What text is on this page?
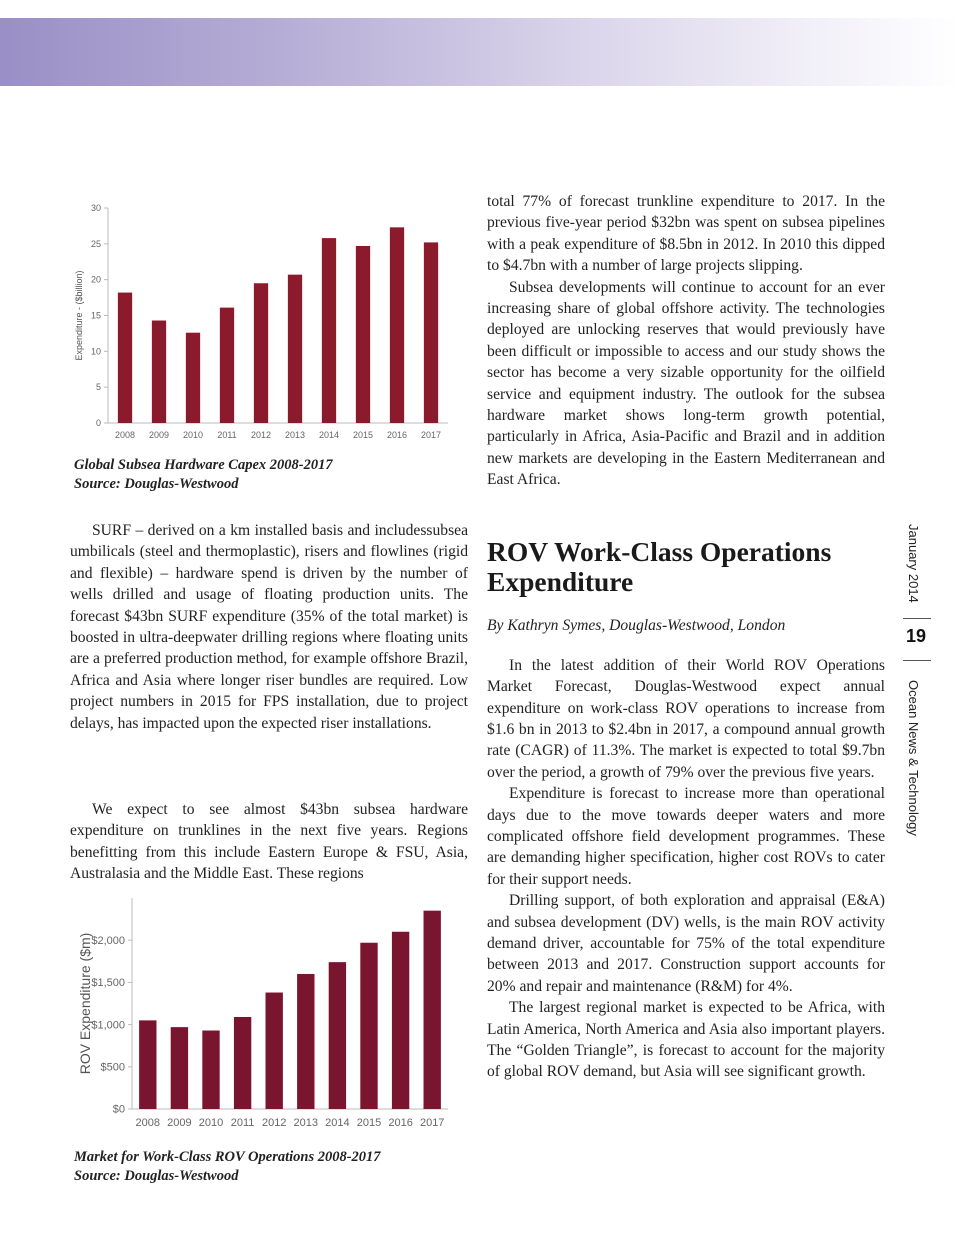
0
5
10
15
20
25
30
Expenditure - ($billion)
2008 2009 2010 2011 2012 2013 2014 2015 2016 2017
Global Subsea Hardware Capex 2008-2017
Source: Douglas-Westwood

SURF – derived on a km installed basis and includessubsea umbilicals (steel and thermoplastic), risers and flowlines (rigid and flexible) – hardware spend is driven by the number of wells drilled and usage of floating production units. The forecast $43bn SURF expenditure (35% of the total market) is boosted in ultra-deepwater drilling regions where floating units are a preferred production method, for example offshore Brazil, Africa and Asia where longer riser bundles are required. Low project numbers in 2015 for FPS installation, due to project delays, has impacted upon the expected riser installations.

We expect to see almost $43bn subsea hardware expenditure on trunklines in the next five years. Regions benefitting from this include Eastern Europe & FSU, Asia, Australasia and the Middle East. These regions

$0
$500
$1,000
$1,500
$2,000
ROV Expenditure ($m)
2008 2009 2010 2011 2012 2013 2014 2015 2016 2017
Market for Work-Class ROV Operations 2008-2017
Source: Douglas-Westwood

total 77% of forecast trunkline expenditure to 2017. In the previous five-year period $32bn was spent on subsea pipelines with a peak expenditure of $8.5bn in 2012. In 2010 this dipped to $4.7bn with a number of large projects slipping.

Subsea developments will continue to account for an ever increasing share of global offshore activity. The technologies deployed are unlocking reserves that would previously have been difficult or impossible to access and our study shows the sector has become a very sizable opportunity for the oilfield service and equipment industry. The outlook for the subsea hardware market shows long-term growth potential, particularly in Africa, Asia-Pacific and Brazil and in addition new markets are developing in the Eastern Mediterranean and East Africa.

ROV Work-Class Operations Expenditure
By Kathryn Symes, Douglas-Westwood, London

In the latest addition of their World ROV Operations Market Forecast, Douglas-Westwood expect annual expenditure on work-class ROV operations to increase from $1.6 bn in 2013 to $2.4bn in 2017, a compound annual growth rate (CAGR) of 11.3%. The market is expected to total $9.7bn over the period, a growth of 79% over the previous five years.

Expenditure is forecast to increase more than operational days due to the move towards deeper waters and more complicated offshore field development programmes. These are demanding higher specification, higher cost ROVs to cater for their support needs.

Drilling support, of both exploration and appraisal (E&A) and subsea development (DV) wells, is the main ROV activity demand driver, accountable for 75% of the total expenditure between 2013 and 2017. Construction support accounts for 20% and repair and maintenance (R&M) for 4%.

The largest regional market is expected to be Africa, with Latin America, North America and Asia also important players. The “Golden Triangle”, is forecast to account for the majority of global ROV demand, but Asia will see significant growth.

January 2014
19
Ocean News & Technology
